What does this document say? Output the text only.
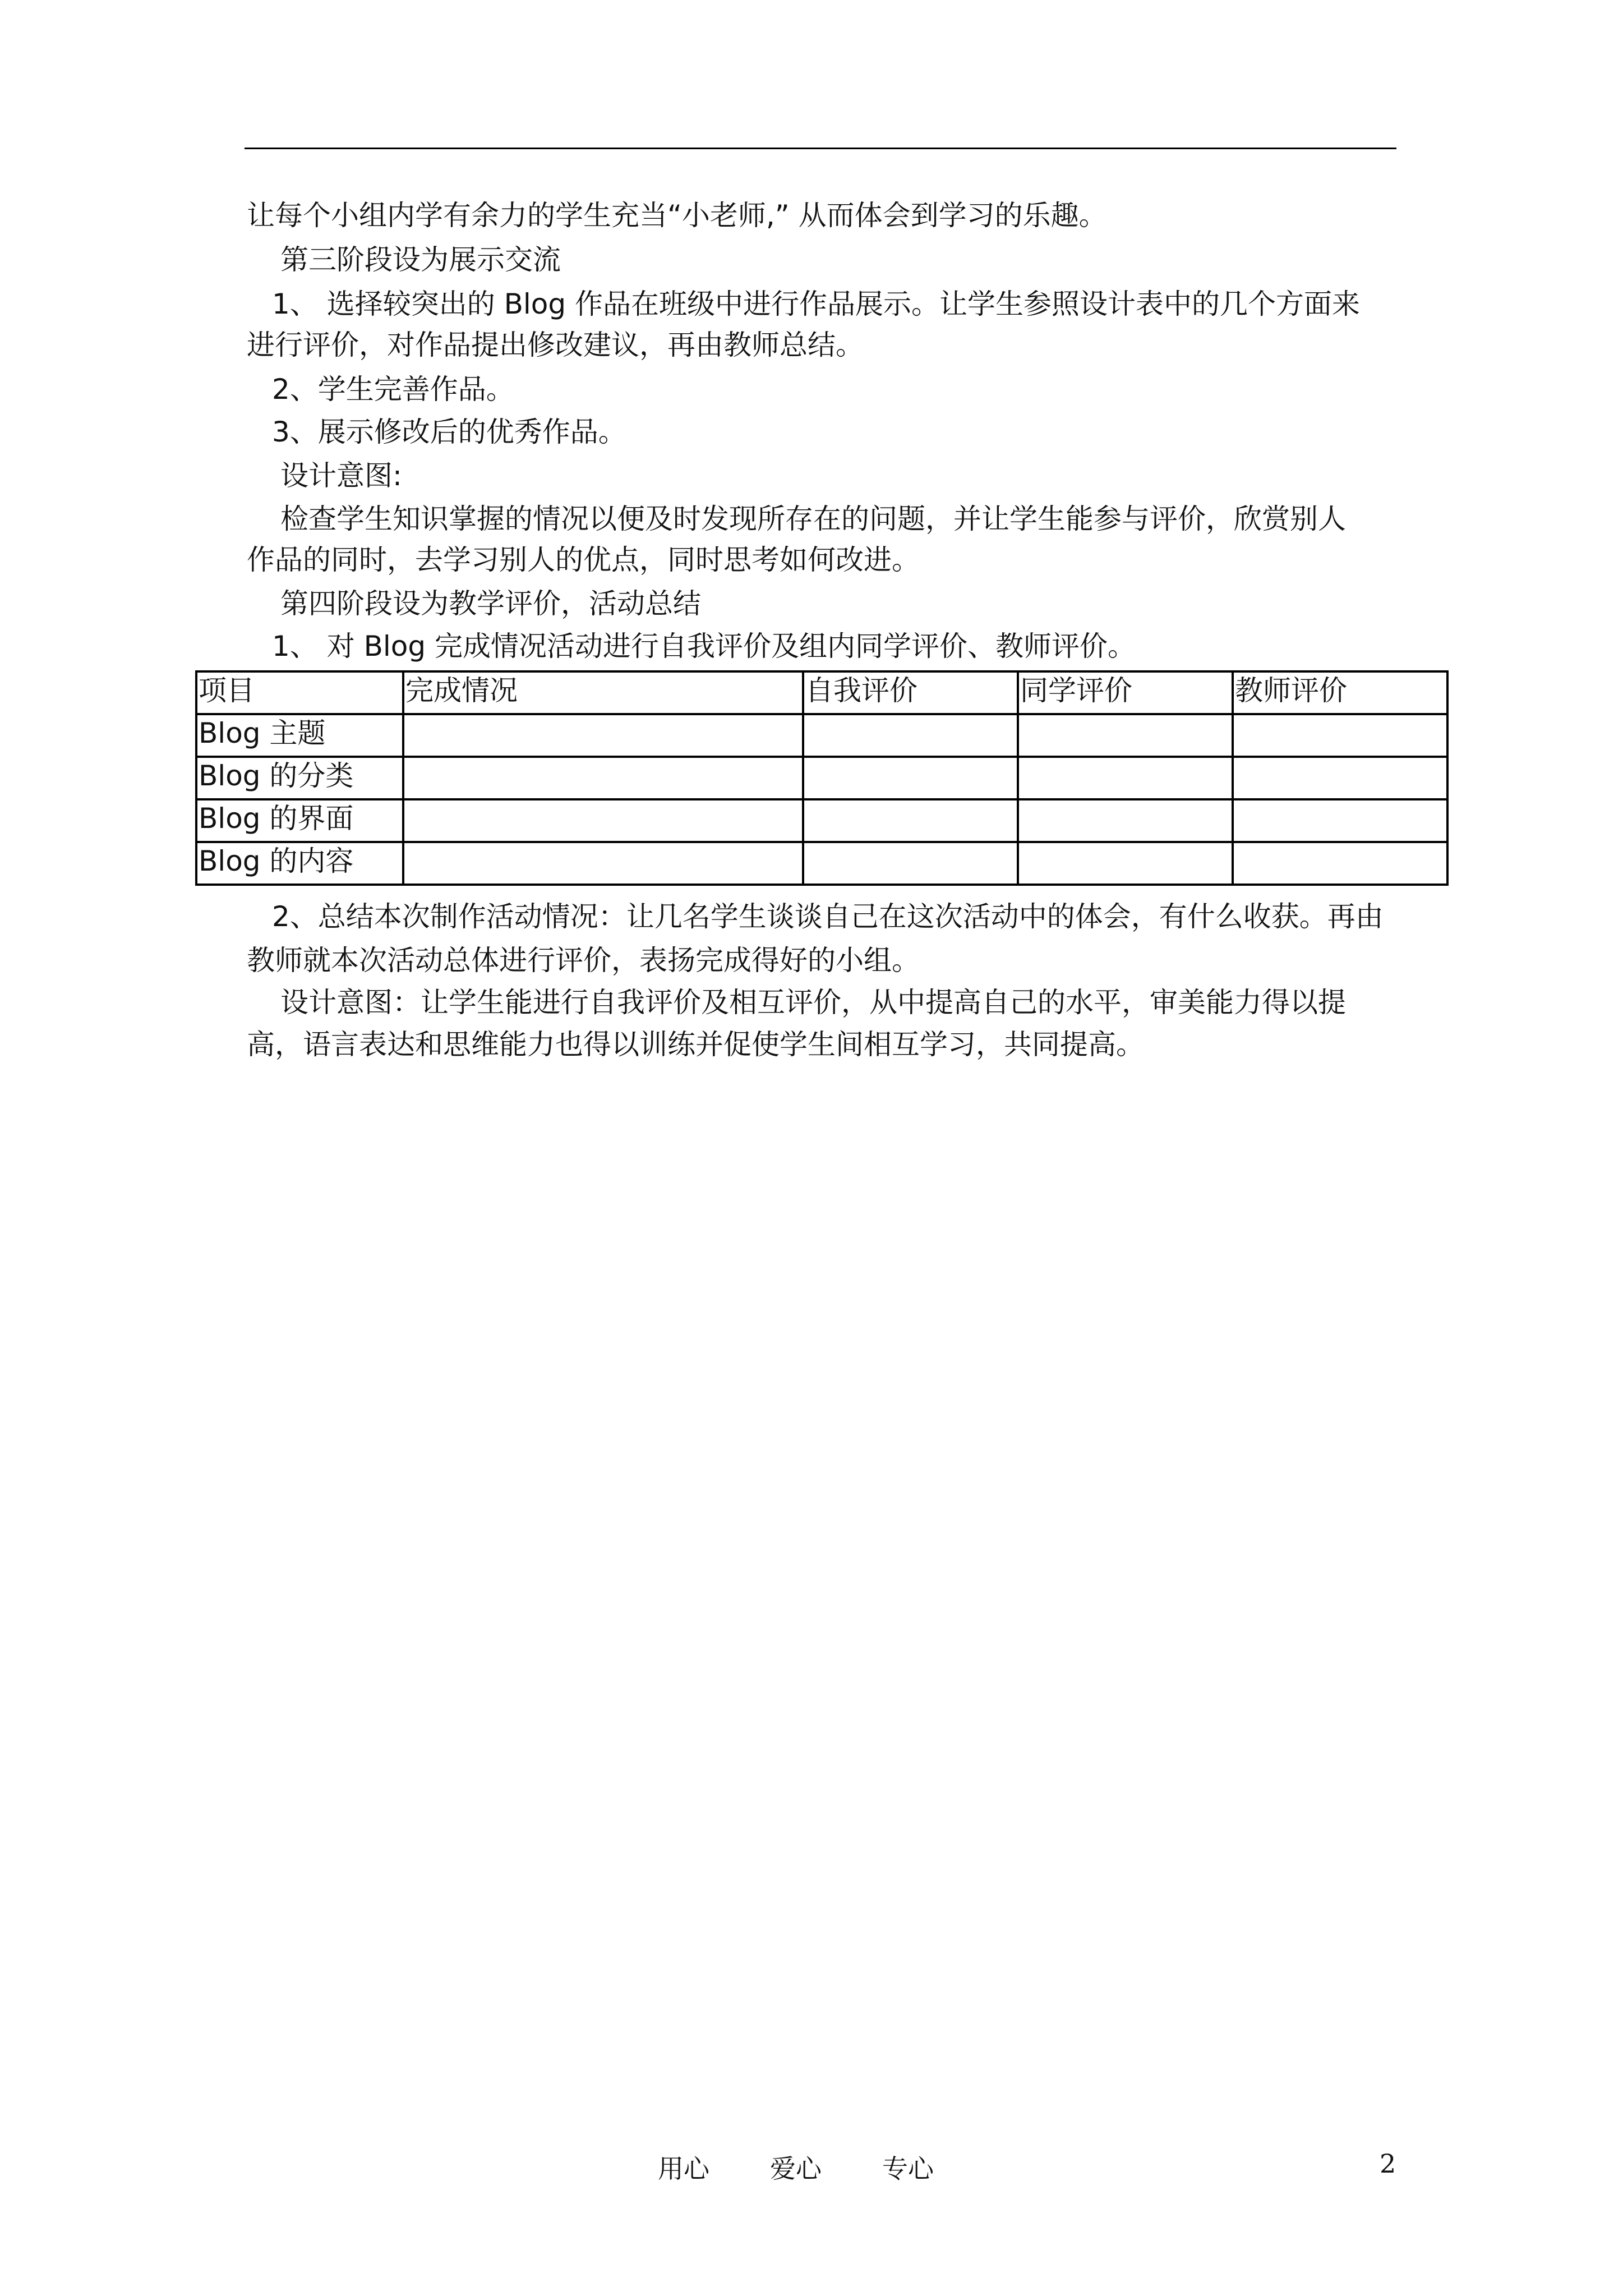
让每个小组内学有余力的学生充当“小老师,” 从而体会到学习的乐趣。

第三阶段设为展示交流

1、 选择较突出的 Blog 作品在班级中进行作品展示。让学生参照设计表中的几个方面来

进行评价，对作品提出修改建议，再由教师总结。

2、学生完善作品。

3、展示修改后的优秀作品。

设计意图:

检查学生知识掌握的情况以便及时发现所存在的问题，并让学生能参与评价，欣赏别人

作品的同时，去学习别人的优点，同时思考如何改进。

第四阶段设为教学评价，活动总结

1、 对 Blog 完成情况活动进行自我评价及组内同学评价、教师评价。

项目	完成情况	自我评价	同学评价	教师评价
Blog 主题				
Blog 的分类				
Blog 的界面				
Blog 的内容				

2、总结本次制作活动情况：让几名学生谈谈自己在这次活动中的体会，有什么收获。再由

教师就本次活动总体进行评价，表扬完成得好的小组。

设计意图：让学生能进行自我评价及相互评价，从中提高自己的水平，审美能力得以提

高，语言表达和思维能力也得以训练并促使学生间相互学习，共同提高。

用心 爱心 专心	2
